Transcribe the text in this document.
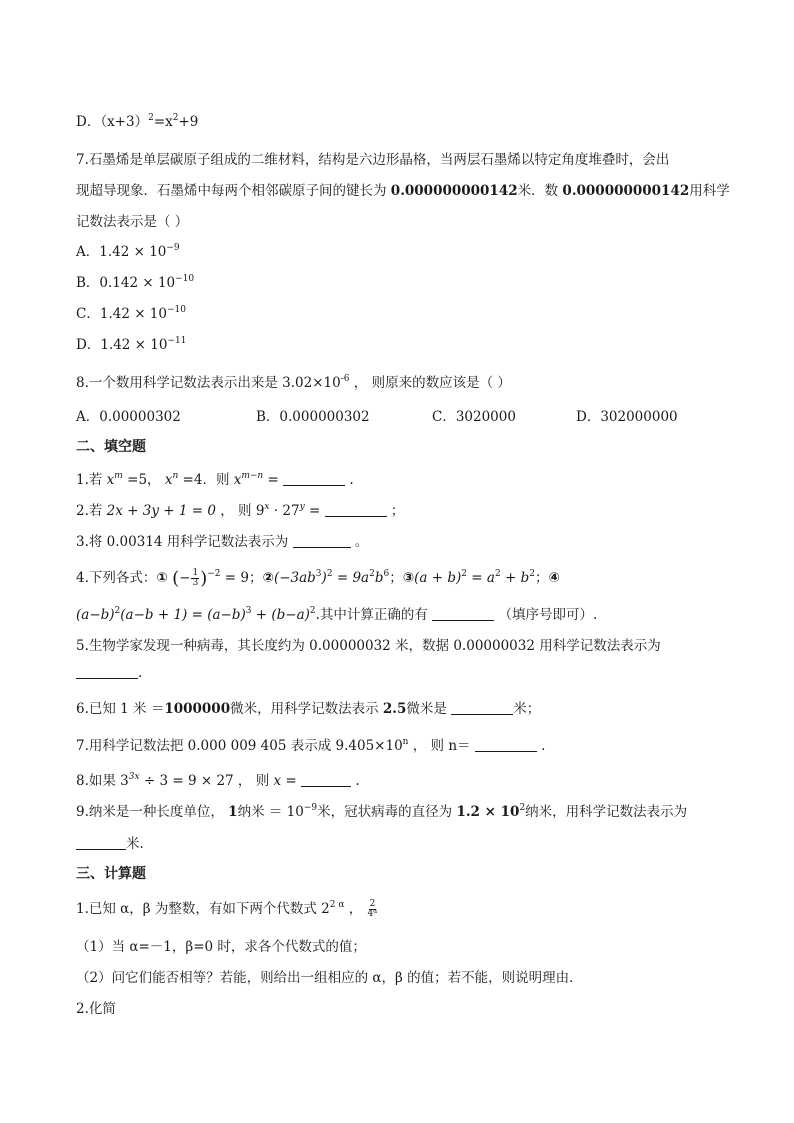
D．$(x+3)^2=x^2+9$
7.石墨烯是单层碳原子组成的二维材料，结构是六边形晶格，当两层石墨烯以特定角度堆叠时，会出
现超导现象．石墨烯中每两个相邻碳原子间的键长为 0.000000000142米．数 0.000000000142用科学
记数法表示是（ ）
A．$1.42 \times 10^{-9}$
B．$0.142 \times 10^{-10}$
C．$1.42 \times 10^{-10}$
D．$1.42 \times 10^{-11}$
8.一个数用科学记数法表示出来是 $3.02\times 10^{-6}$ ， 则原来的数应该是（ ）
A．0.00000302	B．0.000000302	C．3020000	D．302000000
二、填空题
1.若 $x^m =5$， $x^n =4$．则 $x^{m-n}$ =	.
2.若 2x + 3y + 1 = 0 ， 则 $9^x \cdot 27^y$ =	；
3.将 0.00314 用科学记数法表示为	。
4.下列各式：① (− $\frac{1}{3} )^{-2} = 9$；$②(-3ab^3)^2 = 9a^2b^6$；③(a + $b)^2 = a^2 + b^2$；④
$(a-b)^2(a-b + 1) = (a-b)^3 + (b-a)^2$.其中计算正确的有	（填序号即可）.
5.生物学家发现一种病毒，其长度约为 0.00000032 米，数据 0.00000032 用科学记数法表示为
.
6.已知 1 米 ＝1000000微米，用科学记数法表示 2.5微米是	米；
7.用科学记数法把 0.000 009 405 表示成 $9.405\times 10^n$ ， 则 n＝	.
8.如果 $3^{3x} \div 3 = 9 \times 27$ ， 则 x =	.
9.纳米是一种长度单位， 1纳米 ＝ $10^{-9}$米，冠状病毒的直径为 $1.2 \times 10^2$纳米，用科学记数法表示为
米.
三、计算题
1.已知 α，β 为整数，有如下两个代数式 $2^{2 \alpha}$ ， $\frac{2}{4^\alpha}$
（1）当 α=－1，β=0 时，求各个代数式的值；
（2）问它们能否相等？若能，则给出一组相应的 α，β 的值；若不能，则说明理由．
2.化简
